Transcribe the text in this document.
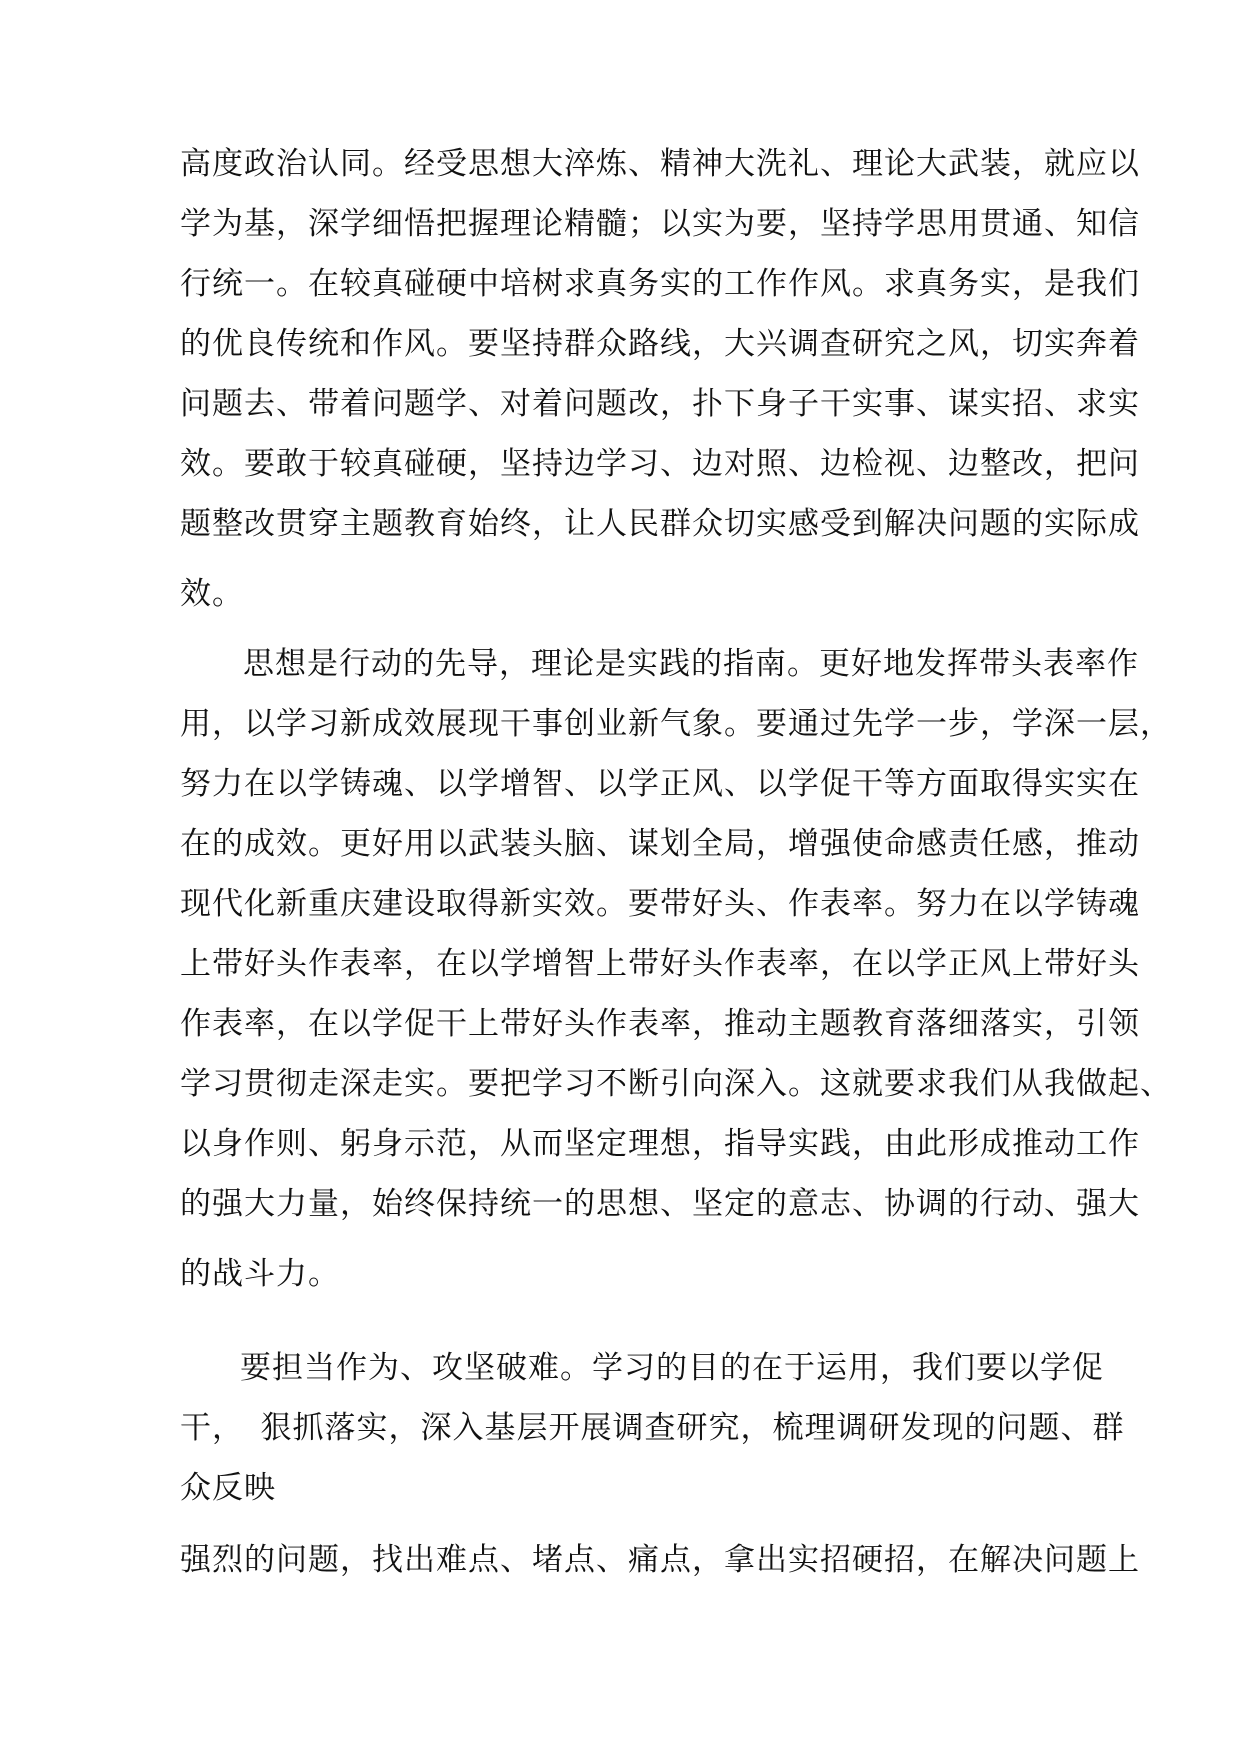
高度政治认同。经受思想大淬炼、精神大洗礼、理论大武装，就应以
学为基，深学细悟把握理论精髓；以实为要，坚持学思用贯通、知信
行统一。在较真碰硬中培树求真务实的工作作风。求真务实，是我们
的优良传统和作风。要坚持群众路线，大兴调查研究之风，切实奔着
问题去、带着问题学、对着问题改，扑下身子干实事、谋实招、求实
效。要敢于较真碰硬，坚持边学习、边对照、边检视、边整改，把问
题整改贯穿主题教育始终，让人民群众切实感受到解决问题的实际成
效。
思想是行动的先导，理论是实践的指南。更好地发挥带头表率作
用，以学习新成效展现干事创业新气象。要通过先学一步，学深一层，
努力在以学铸魂、以学增智、以学正风、以学促干等方面取得实实在
在的成效。更好用以武装头脑、谋划全局，增强使命感责任感，推动
现代化新重庆建设取得新实效。要带好头、作表率。努力在以学铸魂
上带好头作表率，在以学增智上带好头作表率，在以学正风上带好头
作表率，在以学促干上带好头作表率，推动主题教育落细落实，引领
学习贯彻走深走实。要把学习不断引向深入。这就要求我们从我做起、
以身作则、躬身示范，从而坚定理想，指导实践，由此形成推动工作
的强大力量，始终保持统一的思想、坚定的意志、协调的行动、强大
的战斗力。
要担当作为、攻坚破难。学习的目的在于运用，我们要以学促
干，　狠抓落实，深入基层开展调查研究，梳理调研发现的问题、群
众反映
强烈的问题，找出难点、堵点、痛点，拿出实招硬招，在解决问题上
